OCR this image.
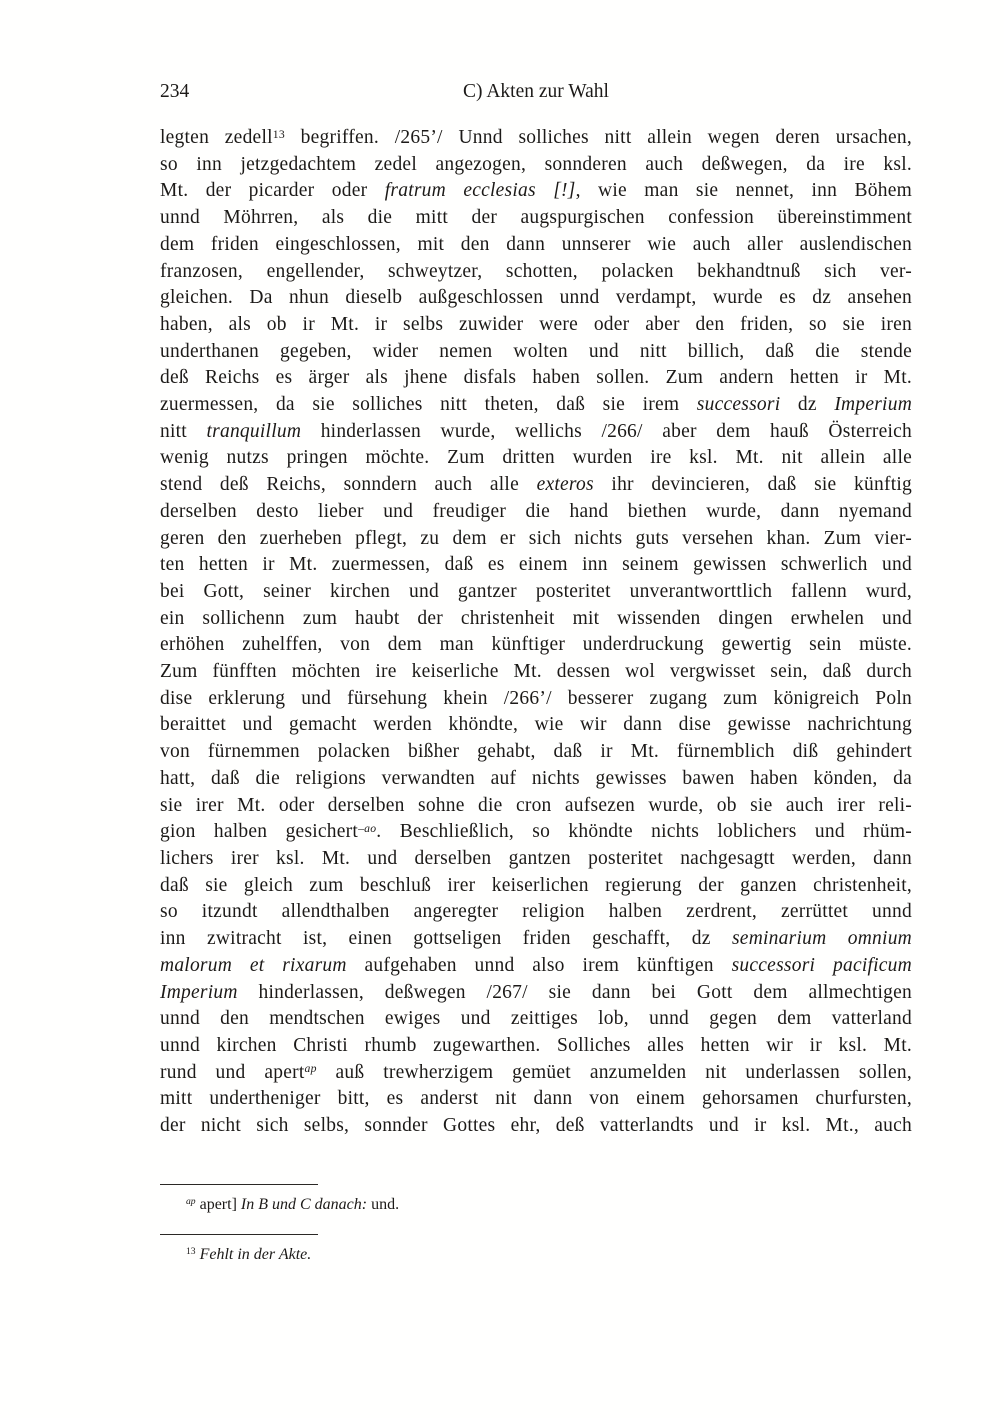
234	C) Akten zur Wahl
legten zedell$^{13}$ begriffen. /265’/ Unnd solliches nitt allein wegen deren ursachen,
so inn jetzgedachtem zedel angezogen, sonnderen auch deßwegen, da ire ksl.
Mt. der picarder oder fratrum ecclesias [!], wie man sie nennet, inn Böhem
unnd Möhrren, als die mitt der augspurgischen confession übereinstimment
dem friden eingeschlossen, mit den dann unnserer wie auch aller auslendischen
franzosen, engellender, schweytzer, schotten, polacken bekhandtnuß sich ver-
gleichen. Da nhun dieselb außgeschlossen unnd verdampt, wurde es dz ansehen
haben, als ob ir Mt. ir selbs zuwider were oder aber den friden, so sie iren
underthanen gegeben, wider nemen wolten und nitt billich, daß die stende
deß Reichs es ärger als jhene disfals haben sollen. Zum andern hetten ir Mt.
zuermessen, da sie solliches nitt theten, daß sie irem successori dz Imperium
nitt tranquillum hinderlassen wurde, wellichs /266/ aber dem hauß Österreich
wenig nutzs pringen möchte. Zum dritten wurden ire ksl. Mt. nit allein alle
stend deß Reichs, sonndern auch alle exteros ihr devincieren, daß sie künftig
derselben desto lieber und freudiger die hand biethen wurde, dann nyemand
geren den zuerheben pflegt, zu dem er sich nichts guts versehen khan. Zum vier-
ten hetten ir Mt. zuermessen, daß es einem inn seinem gewissen schwerlich und
bei Gott, seiner kirchen und gantzer posteritet unverantworttlich fallenn wurd,
ein sollichenn zum haubt der christenheit mit wissenden dingen erwhelen und
erhöhen zuhelffen, von dem man künftiger underdruckung gewertig sein müste.
Zum fünfften möchten ire keiserliche Mt. dessen wol vergwisset sein, daß durch
dise erklerung und fürsehung khein /266’/ besserer zugang zum königreich Poln
beraittet und gemacht werden khöndte, wie wir dann dise gewisse nachrichtung
von fürnemmen polacken bißher gehabt, daß ir Mt. fürnemblich diß gehindert
hatt, daß die religions verwandten auf nichts gewisses bawen haben könden, da
sie irer Mt. oder derselben sohne die cron aufsezen wurde, ob sie auch irer reli-
gion halben gesichert$^{-ao}$. Beschließlich, so khöndte nichts loblichers und rhüm-
lichers irer ksl. Mt. und derselben gantzen posteritet nachgesagtt werden, dann
daß sie gleich zum beschluß irer keiserlichen regierung der ganzen christenheit,
so itzundt allendthalben angeregter religion halben zerdrent, zerrüttet unnd
inn zwitracht ist, einen gottseligen friden geschafft, dz seminarium omnium
malorum et rixarum aufgehaben unnd also irem künftigen successori pacificum
Imperium hinderlassen, deßwegen /267/ sie dann bei Gott dem allmechtigen
unnd den mendtschen ewiges und zeittiges lob, unnd gegen dem vatterland
unnd kirchen Christi rhumb zugewarthen. Solliches alles hetten wir ir ksl. Mt.
rund und apert$^{ap}$ auß trewherzigem gemüet anzumelden nit underlassen sollen,
mitt undertheniger bitt, es anderst nit dann von einem gehorsamen churfursten,
der nicht sich selbs, sonnder Gottes ehr, deß vatterlandts und ir ksl. Mt., auch
$^{ap}$ apert] In B und C danach: und.
$^{13}$ Fehlt in der Akte.
